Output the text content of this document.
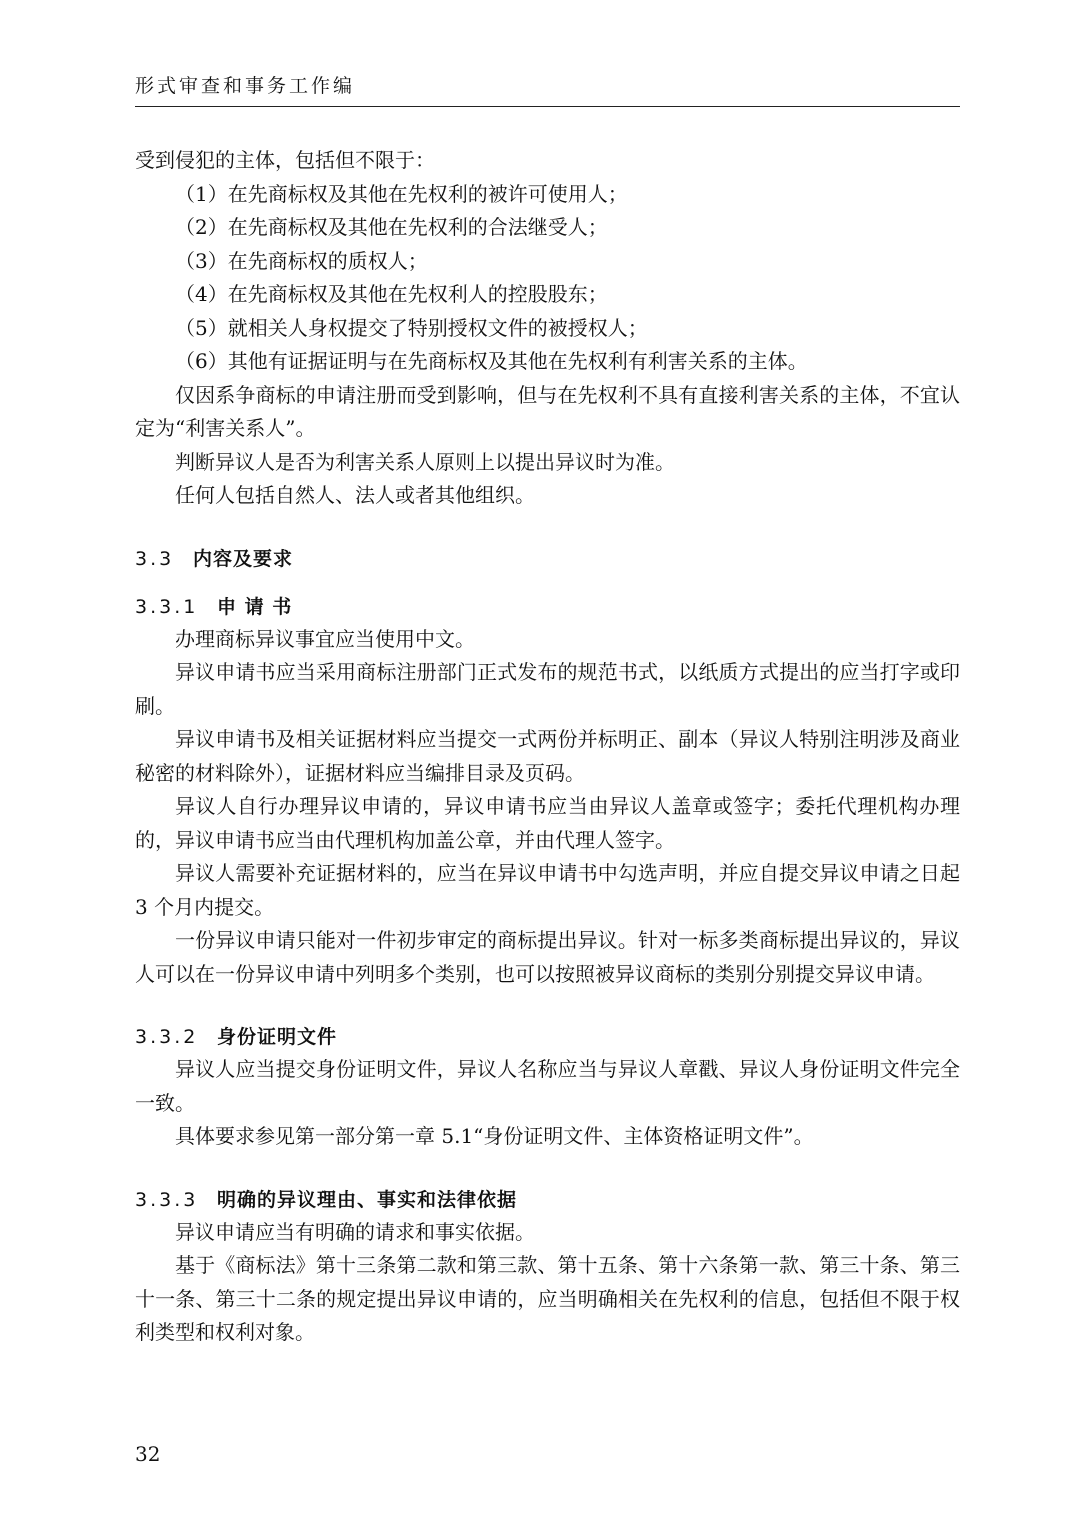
形式审查和事务工作编

受到侵犯的主体，包括但不限于：

（1）在先商标权及其他在先权利的被许可使用人；

（2）在先商标权及其他在先权利的合法继受人；

（3）在先商标权的质权人；

（4）在先商标权及其他在先权利人的控股股东；

（5）就相关人身权提交了特别授权文件的被授权人；

（6）其他有证据证明与在先商标权及其他在先权利有利害关系的主体。

仅因系争商标的申请注册而受到影响，但与在先权利不具有直接利害关系的主体，不宜认定为“利害关系人”。

判断异议人是否为利害关系人原则上以提出异议时为准。

任何人包括自然人、法人或者其他组织。

3.3 内容及要求
3.3.1 申 请 书

办理商标异议事宜应当使用中文。

异议申请书应当采用商标注册部门正式发布的规范书式，以纸质方式提出的应当打字或印刷。

异议申请书及相关证据材料应当提交一式两份并标明正、副本（异议人特别注明涉及商业秘密的材料除外），证据材料应当编排目录及页码。

异议人自行办理异议申请的，异议申请书应当由异议人盖章或签字；委托代理机构办理的，异议申请书应当由代理机构加盖公章，并由代理人签字。

异议人需要补充证据材料的，应当在异议申请书中勾选声明，并应自提交异议申请之日起 3 个月内提交。

一份异议申请只能对一件初步审定的商标提出异议。针对一标多类商标提出异议的，异议人可以在一份异议申请中列明多个类别，也可以按照被异议商标的类别分别提交异议申请。

3.3.2 身份证明文件

异议人应当提交身份证明文件，异议人名称应当与异议人章戳、异议人身份证明文件完全一致。

具体要求参见第一部分第一章 5.1“身份证明文件、主体资格证明文件”。

3.3.3 明确的异议理由、事实和法律依据

异议申请应当有明确的请求和事实依据。

基于《商标法》第十三条第二款和第三款、第十五条、第十六条第一款、第三十条、第三十一条、第三十二条的规定提出异议申请的，应当明确相关在先权利的信息，包括但不限于权利类型和权利对象。

32
